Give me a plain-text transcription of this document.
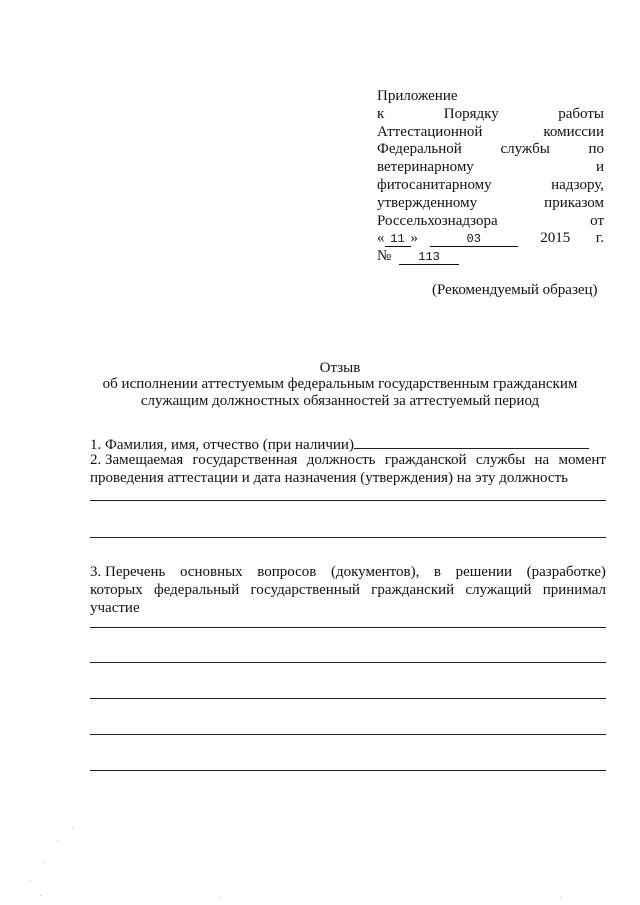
Приложение
к	Порядку	работы
Аттестационной	комиссии
Федеральной	службы	по
ветеринарному	и
фитосанитарному	надзору,
утвержденному	приказом
Россельхознадзора	от
« 11 »	03	2015 г.
№ 113
(Рекомендуемый образец)
Отзыв
об исполнении аттестуемым федеральным государственным гражданским
служащим должностных обязанностей за аттестуемый период
1. Фамилия, имя, отчество (при наличии)
2. Замещаемая государственная должность гражданской службы на момент
проведения аттестации и дата назначения (утверждения) на эту должность
3. Перечень основных вопросов (документов), в решении (разработке)
которых федеральный государственный гражданский служащий принимал
участие
